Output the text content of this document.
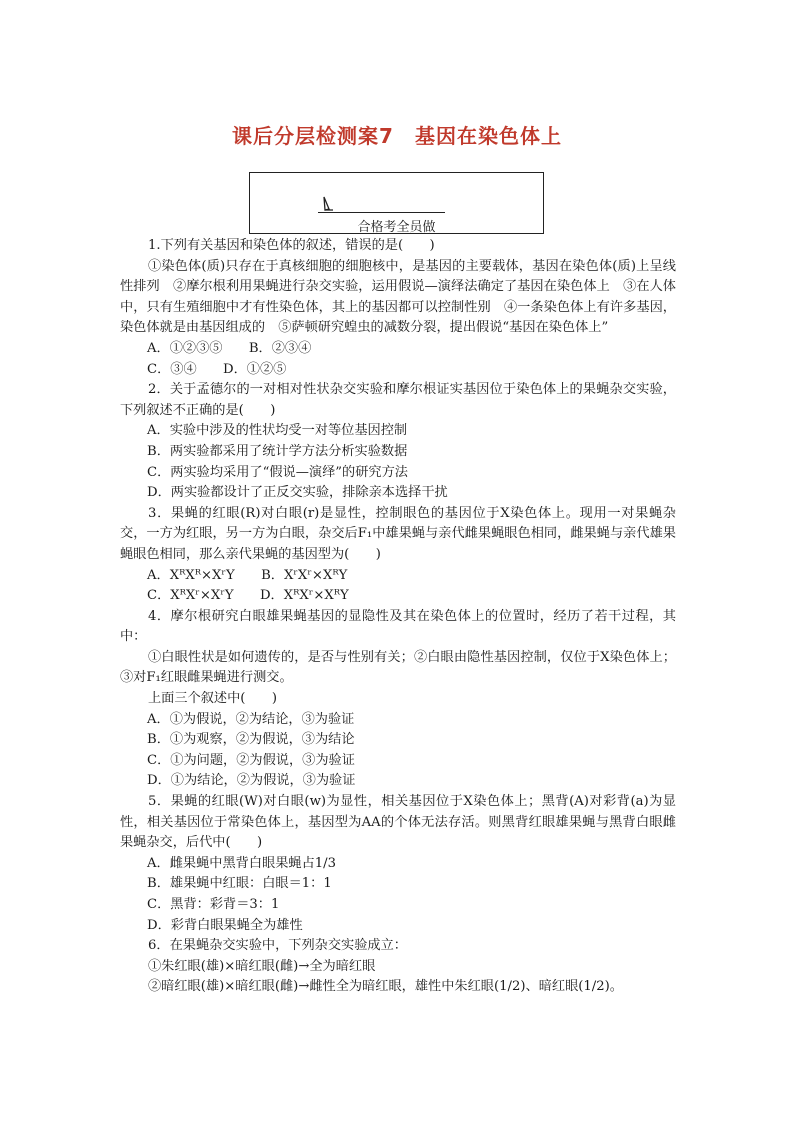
课后分层检测案7　基因在染色体上
合格考全员做

1.下列有关基因和染色体的叙述，错误的是(　　)

①染色体(质)只存在于真核细胞的细胞核中，是基因的主要载体，基因在染色体(质)上呈线性排列　②摩尔根利用果蝇进行杂交实验，运用假说—演绎法确定了基因在染色体上　③在人体中，只有生殖细胞中才有性染色体，其上的基因都可以控制性别　④一条染色体上有许多基因，染色体就是由基因组成的　⑤萨顿研究蝗虫的减数分裂，提出假说“基因在染色体上”

A．①②③⑤　　B．②③④

C．③④　　D．①②⑤

2．关于孟德尔的一对相对性状杂交实验和摩尔根证实基因位于染色体上的果蝇杂交实验，下列叙述不正确的是(　　)

A．实验中涉及的性状均受一对等位基因控制

B．两实验都采用了统计学方法分析实验数据

C．两实验均采用了“假说—演绎”的研究方法

D．两实验都设计了正反交实验，排除亲本选择干扰

3．果蝇的红眼(R)对白眼(r)是显性，控制眼色的基因位于X染色体上。现用一对果蝇杂交，一方为红眼，另一方为白眼，杂交后F₁中雄果蝇与亲代雌果蝇眼色相同，雌果蝇与亲代雄果蝇眼色相同，那么亲代果蝇的基因型为(　　)

A．XᴿXᴿ×XʳY　　B．XʳXʳ×XᴿY

C．XᴿXʳ×XʳY　　D．XᴿXʳ×XᴿY

4．摩尔根研究白眼雄果蝇基因的显隐性及其在染色体上的位置时，经历了若干过程，其中：

①白眼性状是如何遗传的，是否与性别有关；②白眼由隐性基因控制，仅位于X染色体上；③对F₁红眼雌果蝇进行测交。

上面三个叙述中(　　)

A．①为假说，②为结论，③为验证

B．①为观察，②为假说，③为结论

C．①为问题，②为假说，③为验证

D．①为结论，②为假说，③为验证

5．果蝇的红眼(W)对白眼(w)为显性，相关基因位于X染色体上；黑背(A)对彩背(a)为显性，相关基因位于常染色体上，基因型为AA的个体无法存活。则黑背红眼雄果蝇与黑背白眼雌果蝇杂交，后代中(　　)

A．雌果蝇中黑背白眼果蝇占1/3

B．雄果蝇中红眼：白眼＝1：1

C．黑背：彩背＝3：1

D．彩背白眼果蝇全为雄性

6．在果蝇杂交实验中，下列杂交实验成立：

①朱红眼(雄)×暗红眼(雌)→全为暗红眼

②暗红眼(雄)×暗红眼(雌)→雌性全为暗红眼，雄性中朱红眼(1/2)、暗红眼(1/2)。
